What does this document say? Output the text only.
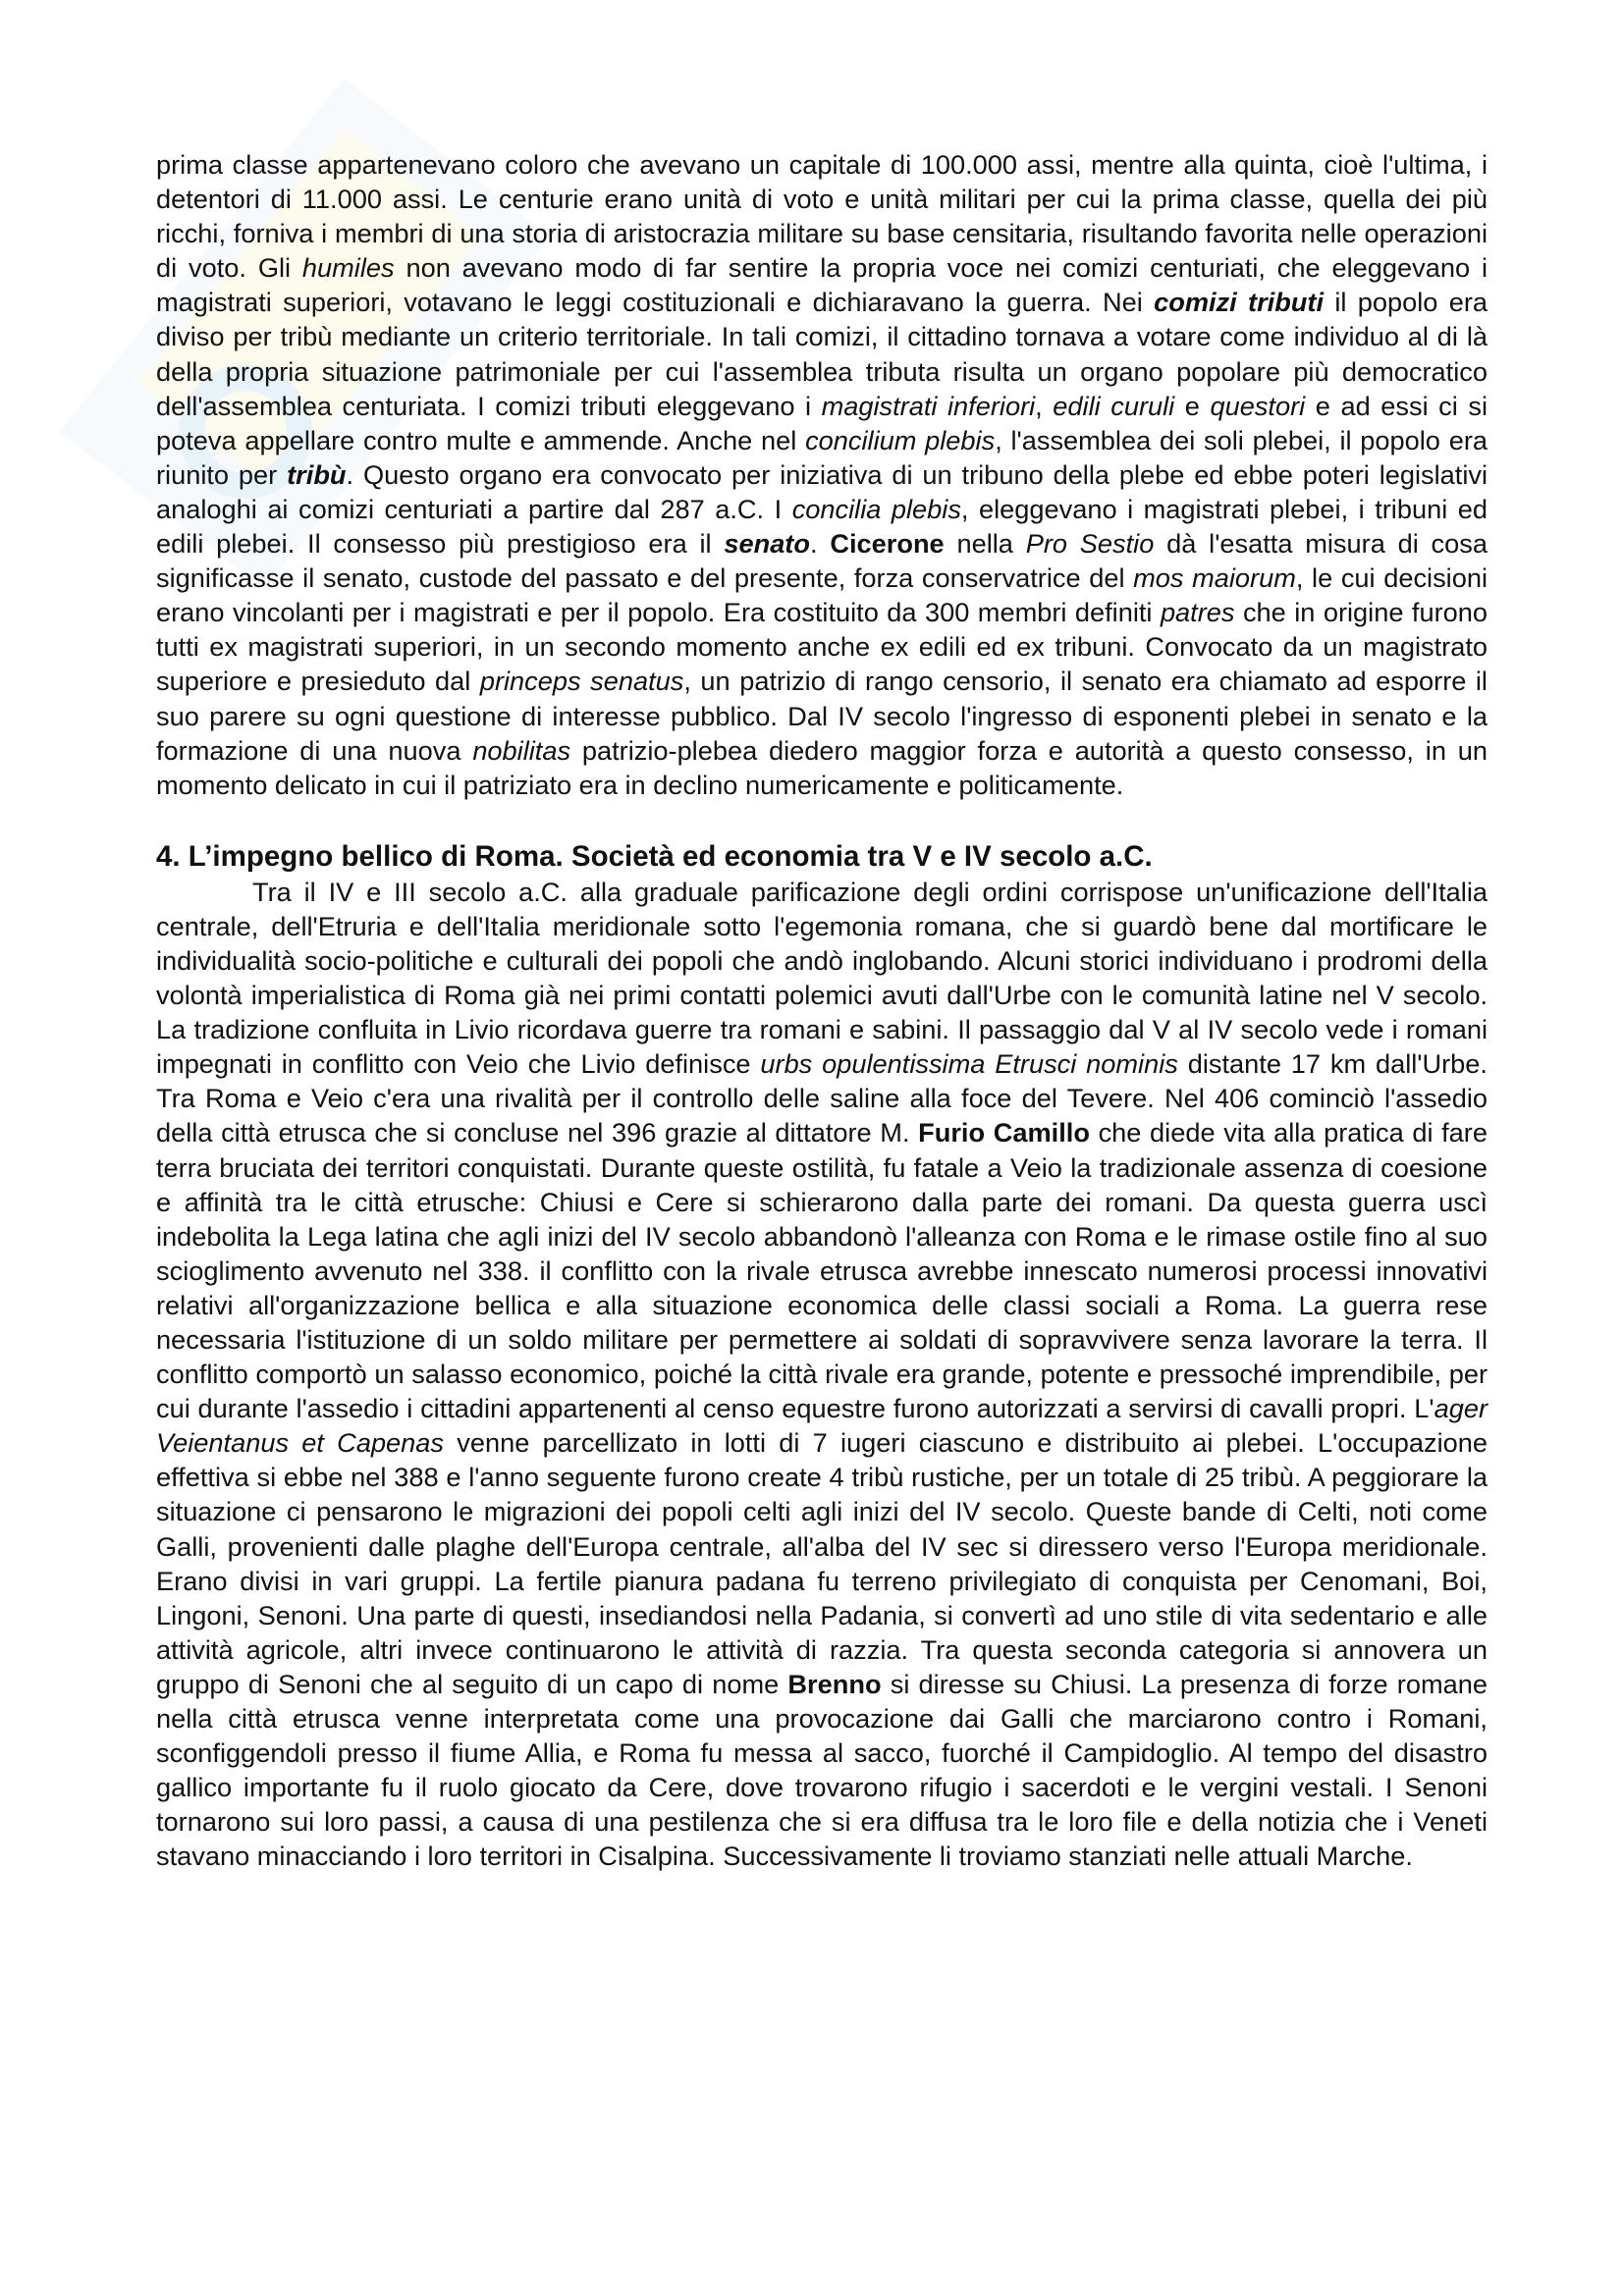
prima classe appartenevano coloro che avevano un capitale di 100.000 assi, mentre alla quinta, cioè l'ultima, i detentori di 11.000 assi. Le centurie erano unità di voto e unità militari per cui la prima classe, quella dei più ricchi, forniva i membri di una storia di aristocrazia militare su base censitaria, risultando favorita nelle operazioni di voto. Gli humiles non avevano modo di far sentire la propria voce nei comizi centuriati, che eleggevano i magistrati superiori, votavano le leggi costituzionali e dichiaravano la guerra. Nei comizi tributi il popolo era diviso per tribù mediante un criterio territoriale. In tali comizi, il cittadino tornava a votare come individuo al di là della propria situazione patrimoniale per cui l'assemblea tributa risulta un organo popolare più democratico dell'assemblea centuriata. I comizi tributi eleggevano i magistrati inferiori, edili curuli e questori e ad essi ci si poteva appellare contro multe e ammende. Anche nel concilium plebis, l'assemblea dei soli plebei, il popolo era riunito per tribù. Questo organo era convocato per iniziativa di un tribuno della plebe ed ebbe poteri legislativi analoghi ai comizi centuriati a partire dal 287 a.C. I concilia plebis, eleggevano i magistrati plebei, i tribuni ed edili plebei. Il consesso più prestigioso era il senato. Cicerone nella Pro Sestio dà l'esatta misura di cosa significasse il senato, custode del passato e del presente, forza conservatrice del mos maiorum, le cui decisioni erano vincolanti per i magistrati e per il popolo. Era costituito da 300 membri definiti patres che in origine furono tutti ex magistrati superiori, in un secondo momento anche ex edili ed ex tribuni. Convocato da un magistrato superiore e presieduto dal princeps senatus, un patrizio di rango censorio, il senato era chiamato ad esporre il suo parere su ogni questione di interesse pubblico. Dal IV secolo l'ingresso di esponenti plebei in senato e la formazione di una nuova nobilitas patrizio-plebea diedero maggior forza e autorità a questo consesso, in un momento delicato in cui il patriziato era in declino numericamente e politicamente.

4. L’impegno bellico di Roma. Società ed economia tra V e IV secolo a.C.

Tra il IV e III secolo a.C. alla graduale parificazione degli ordini corrispose un'unificazione dell'Italia centrale, dell'Etruria e dell'Italia meridionale sotto l'egemonia romana, che si guardò bene dal mortificare le individualità socio-politiche e culturali dei popoli che andò inglobando. Alcuni storici individuano i prodromi della volontà imperialistica di Roma già nei primi contatti polemici avuti dall'Urbe con le comunità latine nel V secolo. La tradizione confluita in Livio ricordava guerre tra romani e sabini. Il passaggio dal V al IV secolo vede i romani impegnati in conflitto con Veio che Livio definisce urbs opulentissima Etrusci nominis distante 17 km dall'Urbe. Tra Roma e Veio c'era una rivalità per il controllo delle saline alla foce del Tevere. Nel 406 cominciò l'assedio della città etrusca che si concluse nel 396 grazie al dittatore M. Furio Camillo che diede vita alla pratica di fare terra bruciata dei territori conquistati. Durante queste ostilità, fu fatale a Veio la tradizionale assenza di coesione e affinità tra le città etrusche: Chiusi e Cere si schierarono dalla parte dei romani. Da questa guerra uscì indebolita la Lega latina che agli inizi del IV secolo abbandonò l'alleanza con Roma e le rimase ostile fino al suo scioglimento avvenuto nel 338. il conflitto con la rivale etrusca avrebbe innescato numerosi processi innovativi relativi all'organizzazione bellica e alla situazione economica delle classi sociali a Roma. La guerra rese necessaria l'istituzione di un soldo militare per permettere ai soldati di sopravvivere senza lavorare la terra. Il conflitto comportò un salasso economico, poiché la città rivale era grande, potente e pressoché imprendibile, per cui durante l'assedio i cittadini appartenenti al censo equestre furono autorizzati a servirsi di cavalli propri. L'ager Veientanus et Capenas venne parcellizato in lotti di 7 iugeri ciascuno e distribuito ai plebei. L'occupazione effettiva si ebbe nel 388 e l'anno seguente furono create 4 tribù rustiche, per un totale di 25 tribù. A peggiorare la situazione ci pensarono le migrazioni dei popoli celti agli inizi del IV secolo. Queste bande di Celti, noti come Galli, provenienti dalle plaghe dell'Europa centrale, all'alba del IV sec si diressero verso l'Europa meridionale. Erano divisi in vari gruppi. La fertile pianura padana fu terreno privilegiato di conquista per Cenomani, Boi, Lingoni, Senoni. Una parte di questi, insediandosi nella Padania, si convertì ad uno stile di vita sedentario e alle attività agricole, altri invece continuarono le attività di razzia. Tra questa seconda categoria si annovera un gruppo di Senoni che al seguito di un capo di nome Brenno si diresse su Chiusi. La presenza di forze romane nella città etrusca venne interpretata come una provocazione dai Galli che marciarono contro i Romani, sconfiggendoli presso il fiume Allia, e Roma fu messa al sacco, fuorché il Campidoglio. Al tempo del disastro gallico importante fu il ruolo giocato da Cere, dove trovarono rifugio i sacerdoti e le vergini vestali. I Senoni tornarono sui loro passi, a causa di una pestilenza che si era diffusa tra le loro file e della notizia che i Veneti stavano minacciando i loro territori in Cisalpina. Successivamente li troviamo stanziati nelle attuali Marche.
